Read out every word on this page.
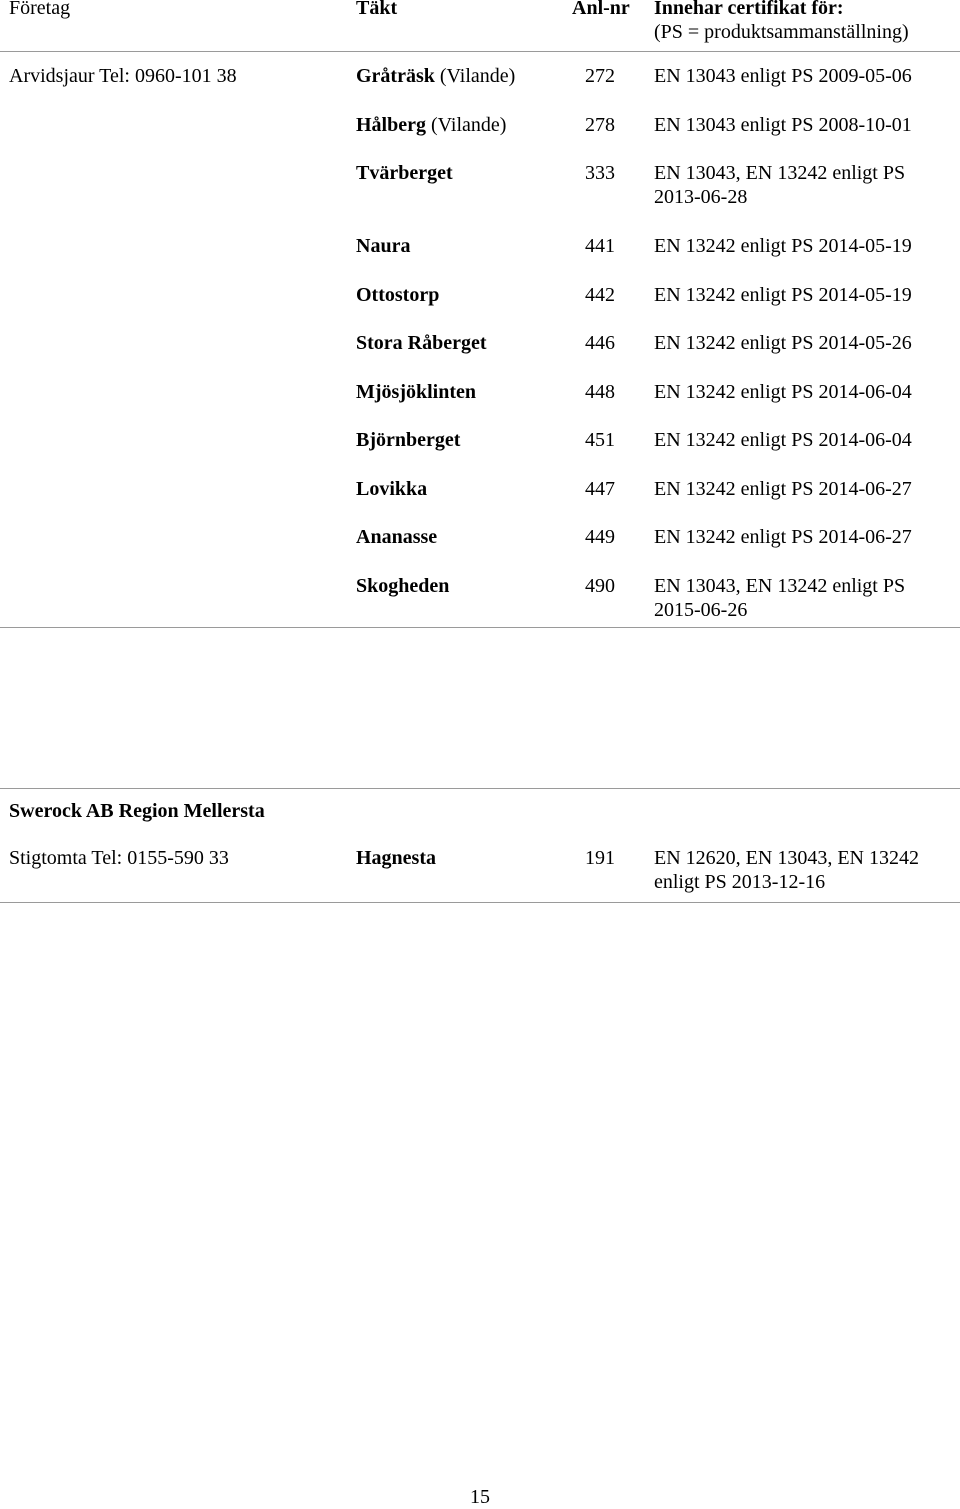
Företag	Täkt	Anl-nr Innehar certifikat för:
(PS = produktsammanställning)
Arvidsjaur Tel: 0960-101 38	Gråträsk (Vilande)	272 EN 13043 enligt PS 2009-05-06
Hålberg (Vilande)	278 EN 13043 enligt PS 2008-10-01
Tvärberget	333 EN 13043, EN 13242 enligt PS
2013-06-28
Naura	441 EN 13242 enligt PS 2014-05-19
Ottostorp	442 EN 13242 enligt PS 2014-05-19
Stora Råberget	446 EN 13242 enligt PS 2014-05-26
Mjösjöklinten	448 EN 13242 enligt PS 2014-06-04
Björnberget	451 EN 13242 enligt PS 2014-06-04
Lovikka	447 EN 13242 enligt PS 2014-06-27
Ananasse	449 EN 13242 enligt PS 2014-06-27
Skogheden	490 EN 13043, EN 13242 enligt PS
2015-06-26
Swerock AB Region Mellersta
Stigtomta Tel: 0155-590 33	Hagnesta	191 EN 12620, EN 13043, EN 13242
enligt PS 2013-12-16
15
